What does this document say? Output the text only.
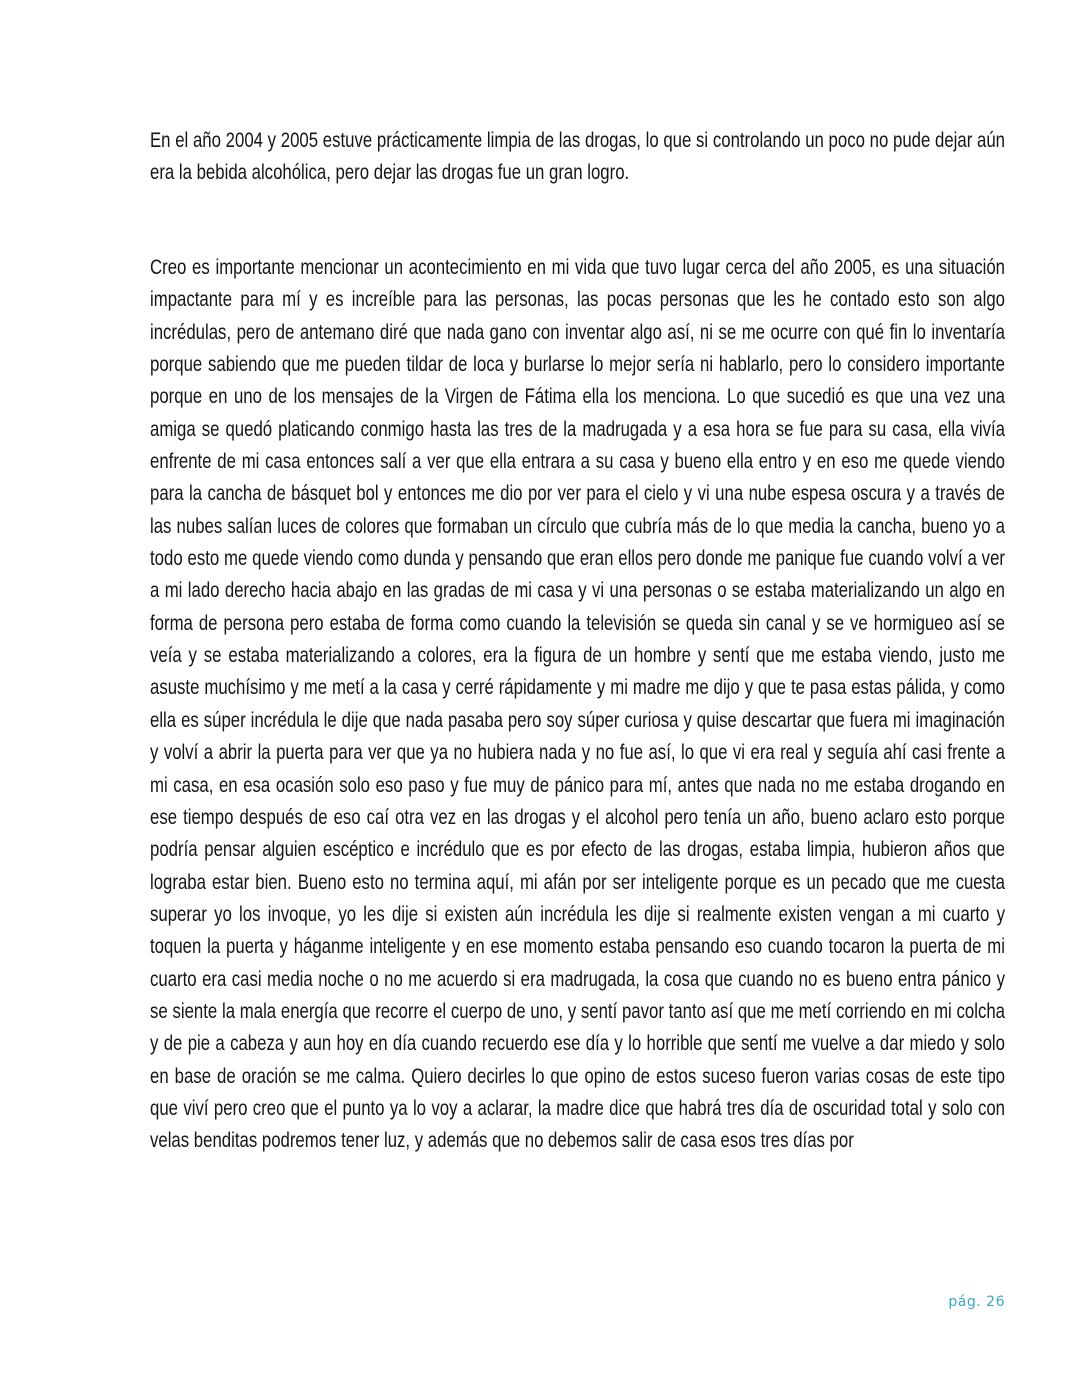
En el año 2004 y 2005 estuve prácticamente limpia de las drogas, lo que si controlando un poco no pude dejar aún era la bebida alcohólica, pero dejar las drogas fue un gran logro.

Creo es importante mencionar un acontecimiento en mi vida que tuvo lugar cerca del año 2005, es una situación impactante para mí y es increíble para las personas, las pocas personas que les he contado esto son algo incrédulas, pero de antemano diré que nada gano con inventar algo así, ni se me ocurre con qué fin lo inventaría porque sabiendo que me pueden tildar de loca y burlarse lo mejor sería ni hablarlo, pero lo considero importante porque en uno de los mensajes de la Virgen de Fátima ella los menciona. Lo que sucedió es que una vez una amiga se quedó platicando conmigo hasta las tres de la madrugada y a esa hora se fue para su casa, ella vivía enfrente de mi casa entonces salí a ver que ella entrara a su casa y bueno ella entro y en eso me quede viendo para la cancha de básquet bol y entonces me dio por ver para el cielo y vi una nube espesa oscura y a través de las nubes salían luces de colores que formaban un círculo que cubría más de lo que media la cancha, bueno yo a todo esto me quede viendo como dunda y pensando que eran ellos pero donde me panique fue cuando volví a ver a mi lado derecho hacia abajo en las gradas de mi casa y vi una personas o se estaba materializando un algo en forma de persona pero estaba de forma como cuando la televisión se queda sin canal y se ve hormigueo así se veía y se estaba materializando a colores, era la figura de un hombre y sentí que me estaba viendo, justo me asuste muchísimo y me metí a la casa y cerré rápidamente y mi madre me dijo y que te pasa estas pálida, y como ella es súper incrédula le dije que nada pasaba pero soy súper curiosa y quise descartar que fuera mi imaginación y volví a abrir la puerta para ver que ya no hubiera nada y no fue así, lo que vi era real y seguía ahí casi frente a mi casa, en esa ocasión solo eso paso y fue muy de pánico para mí, antes que nada no me estaba drogando en ese tiempo después de eso caí otra vez en las drogas y el alcohol pero tenía un año, bueno aclaro esto porque podría pensar alguien escéptico e incrédulo que es por efecto de las drogas, estaba limpia, hubieron años que lograba estar bien. Bueno esto no termina aquí, mi afán por ser inteligente porque es un pecado que me cuesta superar yo los invoque, yo les dije si existen aún incrédula les dije si realmente existen vengan a mi cuarto y toquen la puerta y háganme inteligente y en ese momento estaba pensando eso cuando tocaron la puerta de mi cuarto era casi media noche o no me acuerdo si era madrugada, la cosa que cuando no es bueno entra pánico y se siente la mala energía que recorre el cuerpo de uno, y sentí pavor tanto así que me metí corriendo en mi colcha y de pie a cabeza y aun hoy en día cuando recuerdo ese día y lo horrible que sentí me vuelve a dar miedo y solo en base de oración se me calma. Quiero decirles lo que opino de estos suceso fueron varias cosas de este tipo que viví pero creo que el punto ya lo voy a aclarar, la madre dice que habrá tres día de oscuridad total y solo con velas benditas podremos tener luz, y además que no debemos salir de casa esos tres días por

pág. 26
